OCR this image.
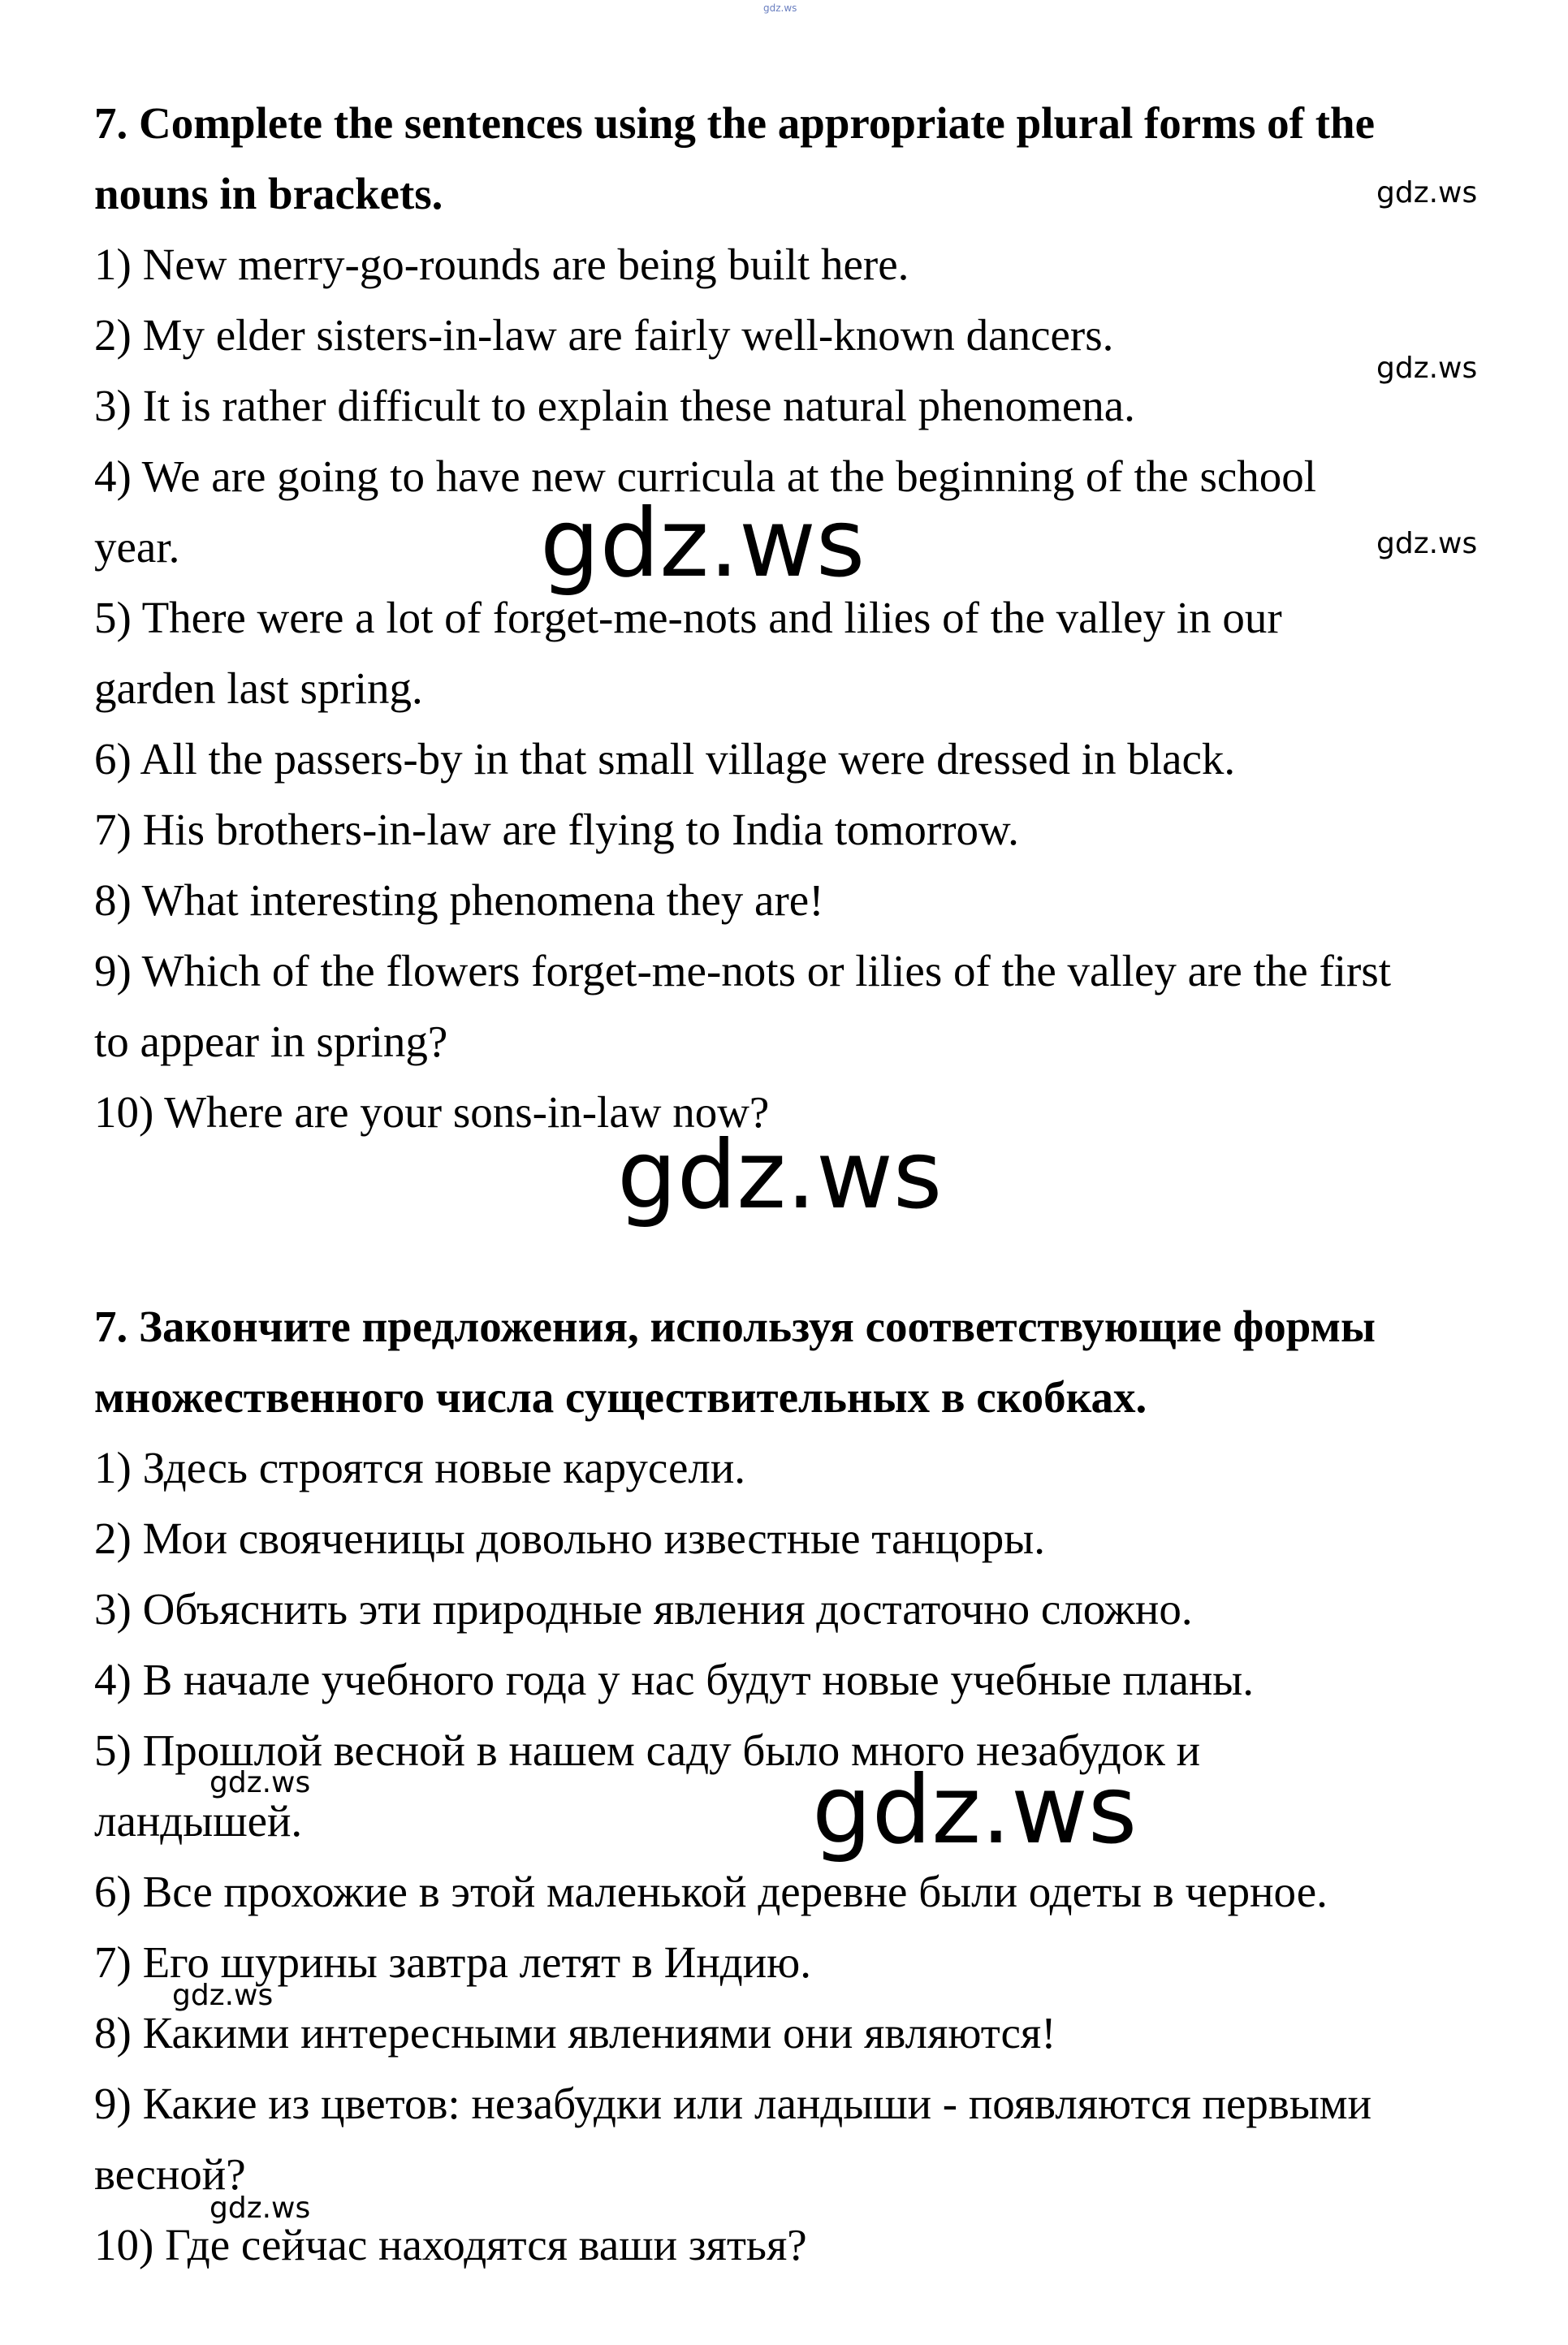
gdz.ws
7. Complete the sentences using the appropriate plural forms of the
nouns in brackets.
1) New merry-go-rounds are being built here.
2) My elder sisters-in-law are fairly well-known dancers.
3) It is rather difficult to explain these natural phenomena.
4) We are going to have new curricula at the beginning of the school
year.
5) There were a lot of forget-me-nots and lilies of the valley in our
garden last spring.
6) All the passers-by in that small village were dressed in black.
7) His brothers-in-law are flying to India tomorrow.
8) What interesting phenomena they are!
9) Which of the flowers forget-me-nots or lilies of the valley are the first
to appear in spring?
10) Where are your sons-in-law now?
7. Закончите предложения, используя соответствующие формы
множественного числа существительных в скобках.
1) Здесь строятся новые карусели.
2) Мои свояченицы довольно известные танцоры.
3) Объяснить эти природные явления достаточно сложно.
4) В начале учебного года у нас будут новые учебные планы.
5) Прошлой весной в нашем саду было много незабудок и
ландышей.
6) Все прохожие в этой маленькой деревне были одеты в черное.
7) Его шурины завтра летят в Индию.
8) Какими интересными явлениями они являются!
9) Какие из цветов: незабудки или ландыши - появляются первыми
весной?
10) Где сейчас находятся ваши зятья?
gdz.ws
gdz.ws
gdz.ws
gdz.ws
gdz.ws
gdz.ws
gdz.ws
gdz.ws
gdz.ws
